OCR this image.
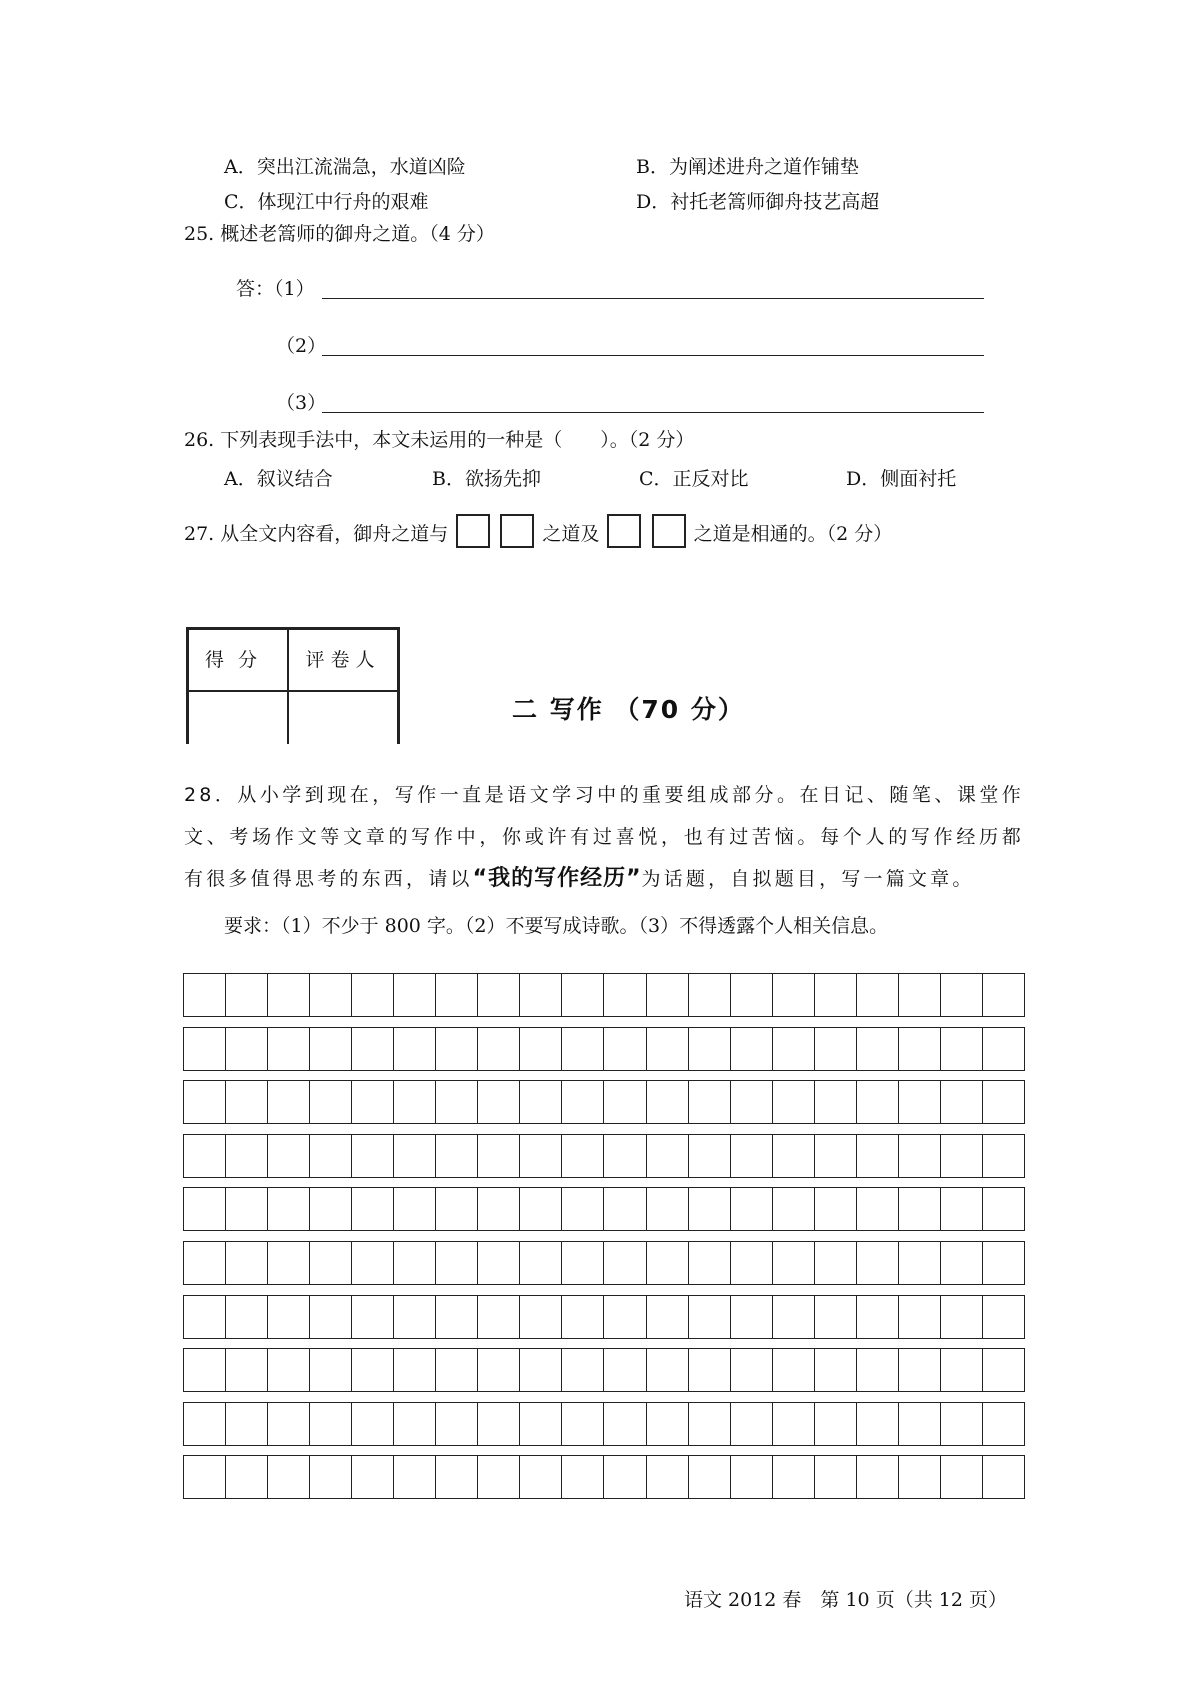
A．突出江流湍急，水道凶险	B．为阐述进舟之道作铺垫
C．体现江中行舟的艰难	D．衬托老篙师御舟技艺高超
25. 概述老篙师的御舟之道。（4 分）
答：（1）
（2）
（3）
26. 下列表现手法中，本文未运用的一种是（　　）。（2 分）
A．叙议结合	B．欲扬先抑	C．正反对比	D．侧面衬托
27. 从全文内容看，御舟之道与	之道及	之道是相通的。（2 分）
得分	评卷人
二 写作 （70 分）
28．从小学到现在，写作一直是语文学习中的重要组成部分。在日记、随笔、课堂作文、考场作文等文章的写作中，你或许有过喜悦，也有过苦恼。每个人的写作经历都有很多值得思考的东西，请以“我的写作经历”为话题，自拟题目，写一篇文章。
要求：（1）不少于 800 字。（2）不要写成诗歌。（3）不得透露个人相关信息。
语文 2012 春　第 10 页（共 12 页）
